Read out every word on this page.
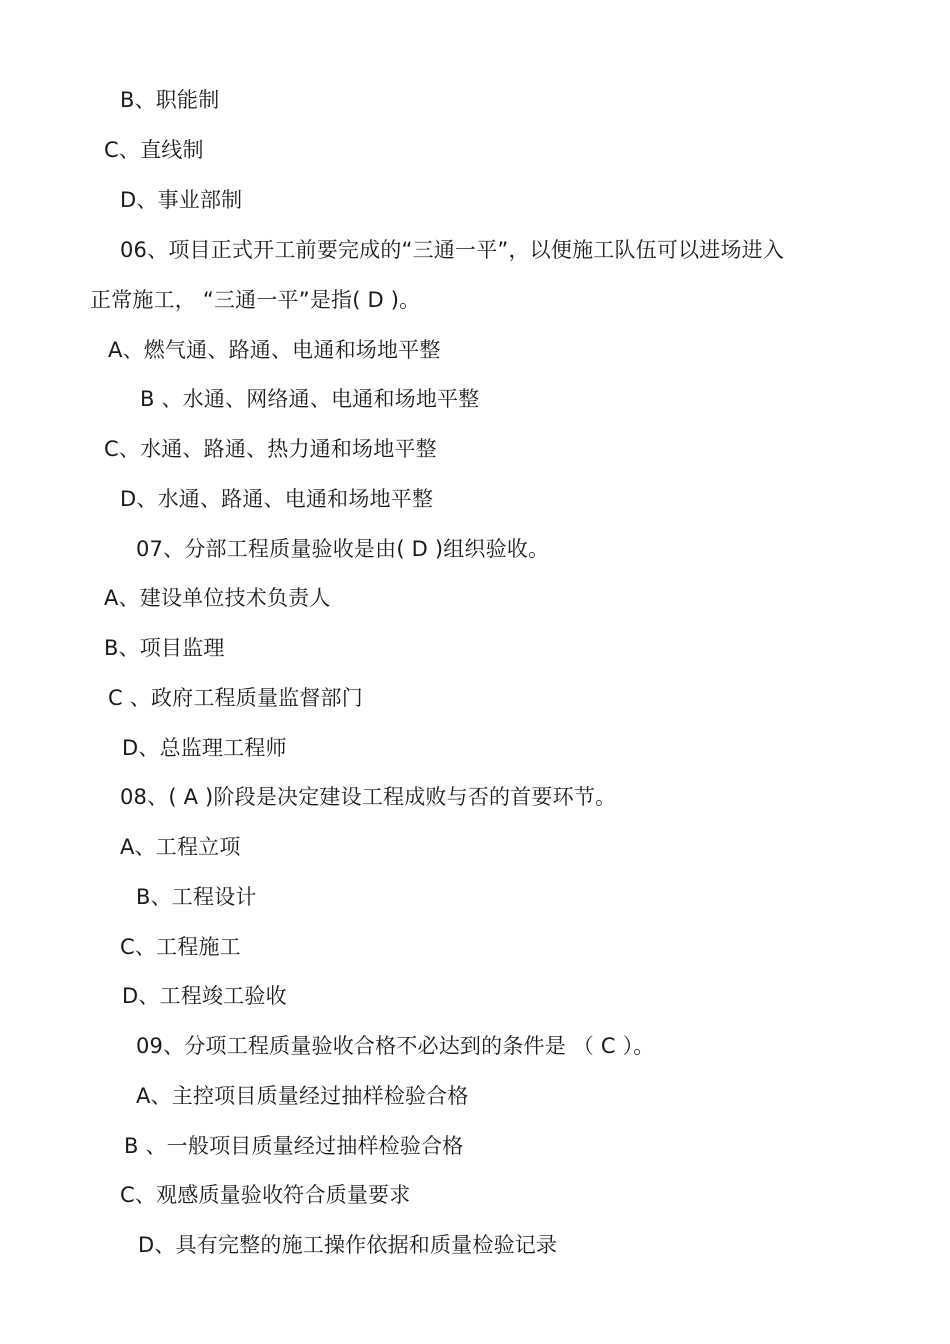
B、职能制
C、直线制
D、事业部制
06、项目正式开工前要完成的“三通一平”，以便施工队伍可以进场进入
正常施工， “三通一平”是指( D )。
A、燃气通、路通、电通和场地平整
B 、水通、网络通、电通和场地平整
C、水通、路通、热力通和场地平整
D、水通、路通、电通和场地平整
07、分部工程质量验收是由( D )组织验收。
A、建设单位技术负责人
B、项目监理
C 、政府工程质量监督部门
D、总监理工程师
08、( A )阶段是决定建设工程成败与否的首要环节。
A、工程立项
B、工程设计
C、工程施工
D、工程竣工验收
09、分项工程质量验收合格不必达到的条件是 （ C ）。
A、主控项目质量经过抽样检验合格
B 、一般项目质量经过抽样检验合格
C、观感质量验收符合质量要求
D、具有完整的施工操作依据和质量检验记录
